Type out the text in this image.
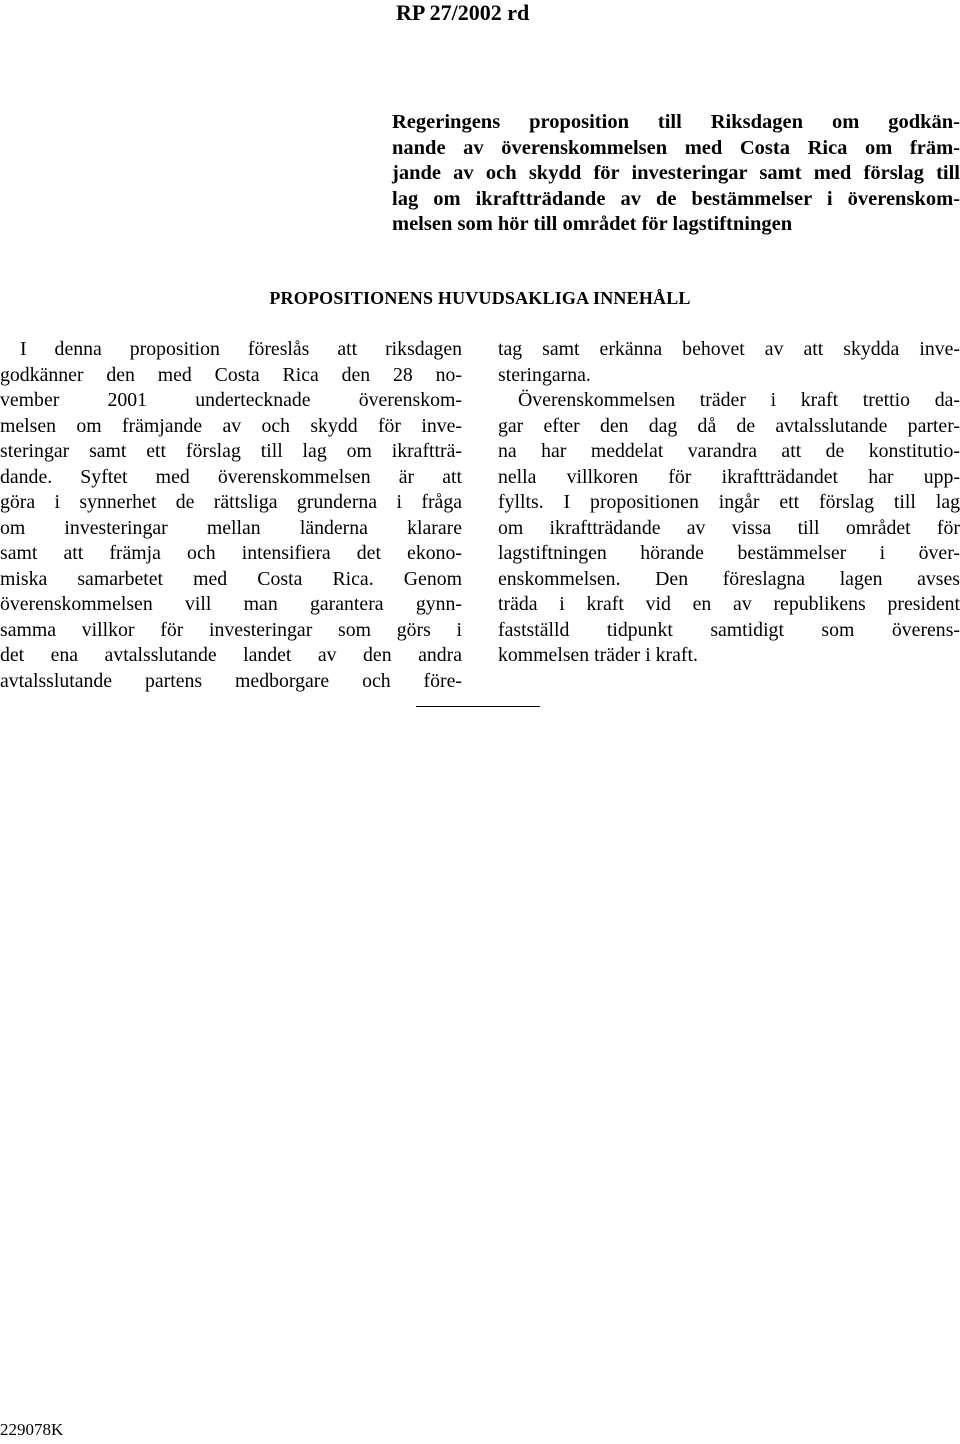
RP 27/2002 rd
Regeringens proposition till Riksdagen om godkän-
nande av överenskommelsen med Costa Rica om främ-
jande av och skydd för investeringar samt med förslag till
lag om ikraftträdande av de bestämmelser i överenskom-
melsen som hör till området för lagstiftningen
PROPOSITIONENS HUVUDSAKLIGA INNEHÅLL
I denna proposition föreslås att riksdagen
godkänner den med Costa Rica den 28 no-
vember 2001 undertecknade överenskom-
melsen om främjande av och skydd för inve-
steringar samt ett förslag till lag om ikraftträ-
dande. Syftet med överenskommelsen är att
göra i synnerhet de rättsliga grunderna i fråga
om investeringar mellan länderna klarare
samt att främja och intensifiera det ekono-
miska samarbetet med Costa Rica. Genom
överenskommelsen vill man garantera gynn-
samma villkor för investeringar som görs i
det ena avtalsslutande landet av den andra
avtalsslutande partens medborgare och före-
tag samt erkänna behovet av att skydda inve-
steringarna.
Överenskommelsen träder i kraft trettio da-
gar efter den dag då de avtalsslutande parter-
na har meddelat varandra att de konstitutio-
nella villkoren för ikraftträdandet har upp-
fyllts. I propositionen ingår ett förslag till lag
om ikraftträdande av vissa till området för
lagstiftningen hörande bestämmelser i över-
enskommelsen. Den föreslagna lagen avses
träda i kraft vid en av republikens president
fastställd tidpunkt samtidigt som överens-
kommelsen träder i kraft.
229078K
